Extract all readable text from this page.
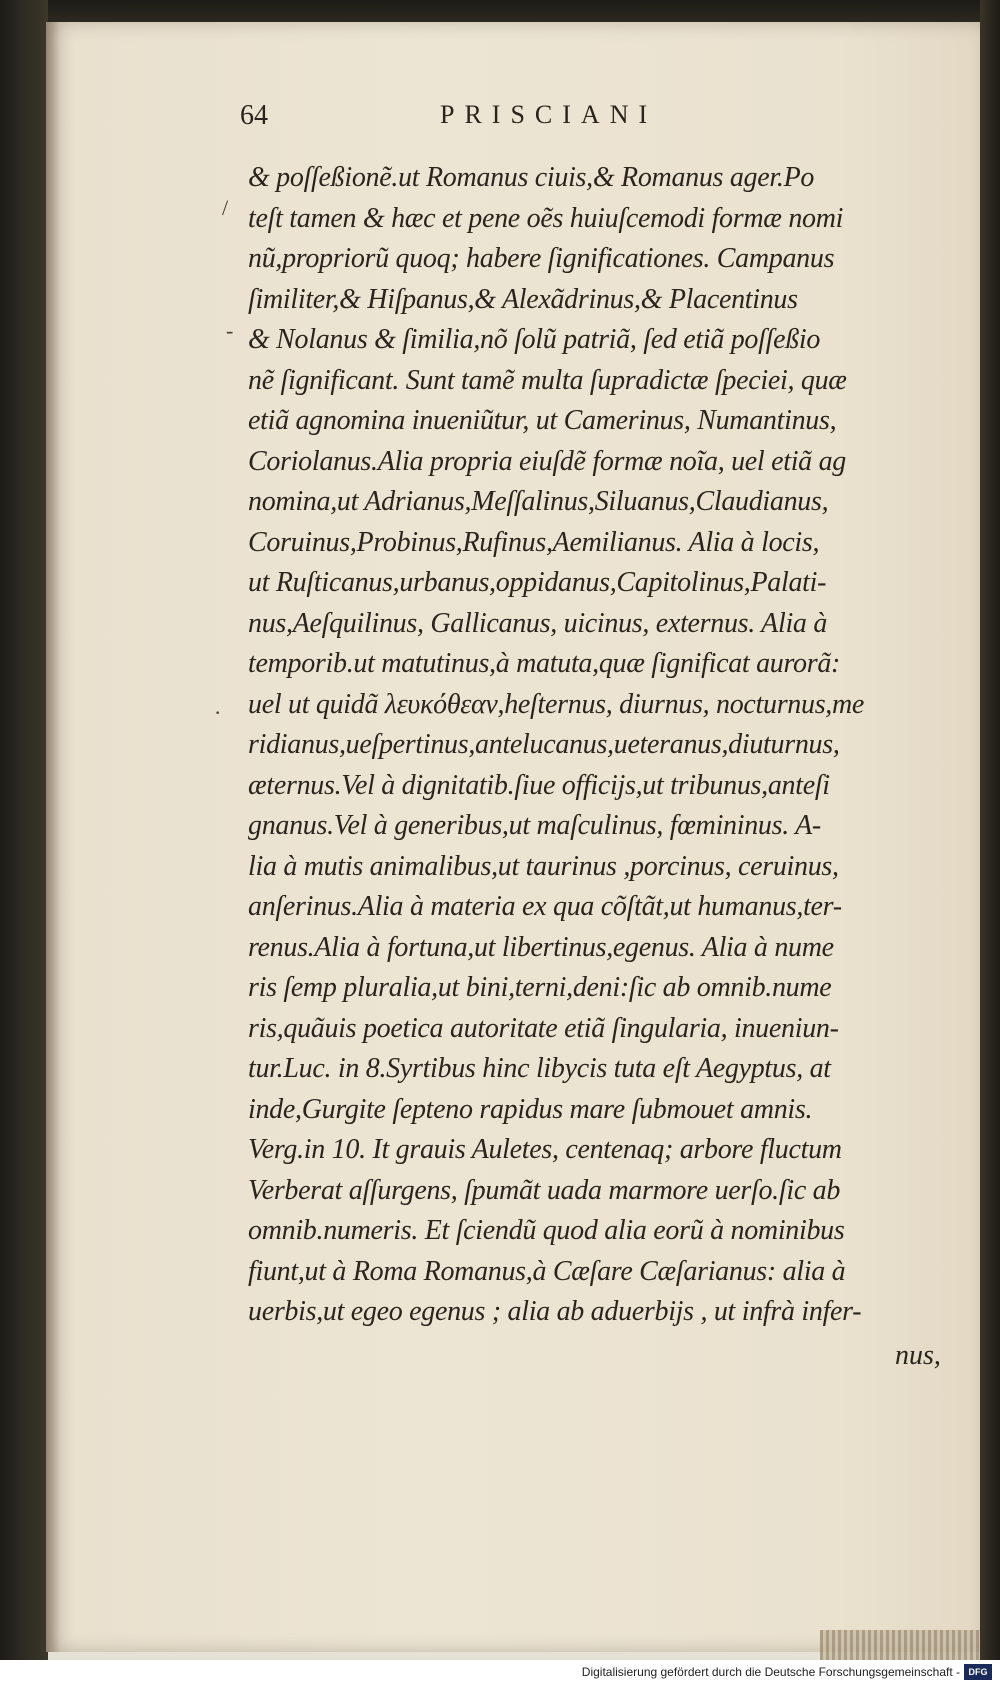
64	PRISCIANI
/
-
·
& poſſeßionẽ.ut Romanus ciuis,& Romanus ager.Po
teſt tamen & hæc et pene oẽs huiuſcemodi formæ nomi
nũ,propriorũ quoq; habere ſignificationes. Campanus
ſimiliter,& Hiſpanus,& Alexãdrinus,& Placentinus
& Nolanus & ſimilia,nõ ſolũ patriã, ſed etiã poſſeßio
nẽ ſignificant. Sunt tamẽ multa ſupradictæ ſpeciei, quæ
etiã agnomina inueniũtur, ut Camerinus, Numantinus,
Coriolanus.Alia propria eiuſdẽ formæ noĩa, uel etiã ag
nomina,ut Adrianus,Meſſalinus,Siluanus,Claudianus,
Coruinus,Probinus,Rufinus,Aemilianus. Alia à locis,
ut Ruſticanus,urbanus,oppidanus,Capitolinus,Palati-
nus,Aeſquilinus, Gallicanus, uicinus, externus. Alia à
temporib.ut matutinus,à matuta,quæ ſignificat aurorã:
uel ut quidã λευκόθεαν,heſternus, diurnus, nocturnus,me
ridianus,ueſpertinus,antelucanus,ueteranus,diuturnus,
æternus.Vel à dignitatib.ſiue officijs,ut tribunus,anteſi
gnanus.Vel à generibus,ut maſculinus, fœmininus. A-
lia à mutis animalibus,ut taurinus ,porcinus, ceruinus,
anſerinus.Alia à materia ex qua cõſtãt,ut humanus,ter-
renus.Alia à fortuna,ut libertinus,egenus. Alia à nume
ris ſemp pluralia,ut bini,terni,deni:ſic ab omnib.nume
ris,quãuis poetica autoritate etiã ſingularia, inueniun-
tur.Luc. in 8.Syrtibus hinc libycis tuta eſt Aegyptus, at
inde,Gurgite ſepteno rapidus mare ſubmouet amnis.
Verg.in 10. It grauis Auletes, centenaq; arbore fluctum
Verberat aſſurgens, ſpumãt uada marmore uerſo.ſic ab
omnib.numeris. Et ſciendũ quod alia eorũ à nominibus
fiunt,ut à Roma Romanus,à Cæſare Cæſarianus: alia à
uerbis,ut egeo egenus ; alia ab aduerbijs , ut infrà infer-
nus,
Digitalisierung gefördert durch die Deutsche Forschungsgemeinschaft - DFG
